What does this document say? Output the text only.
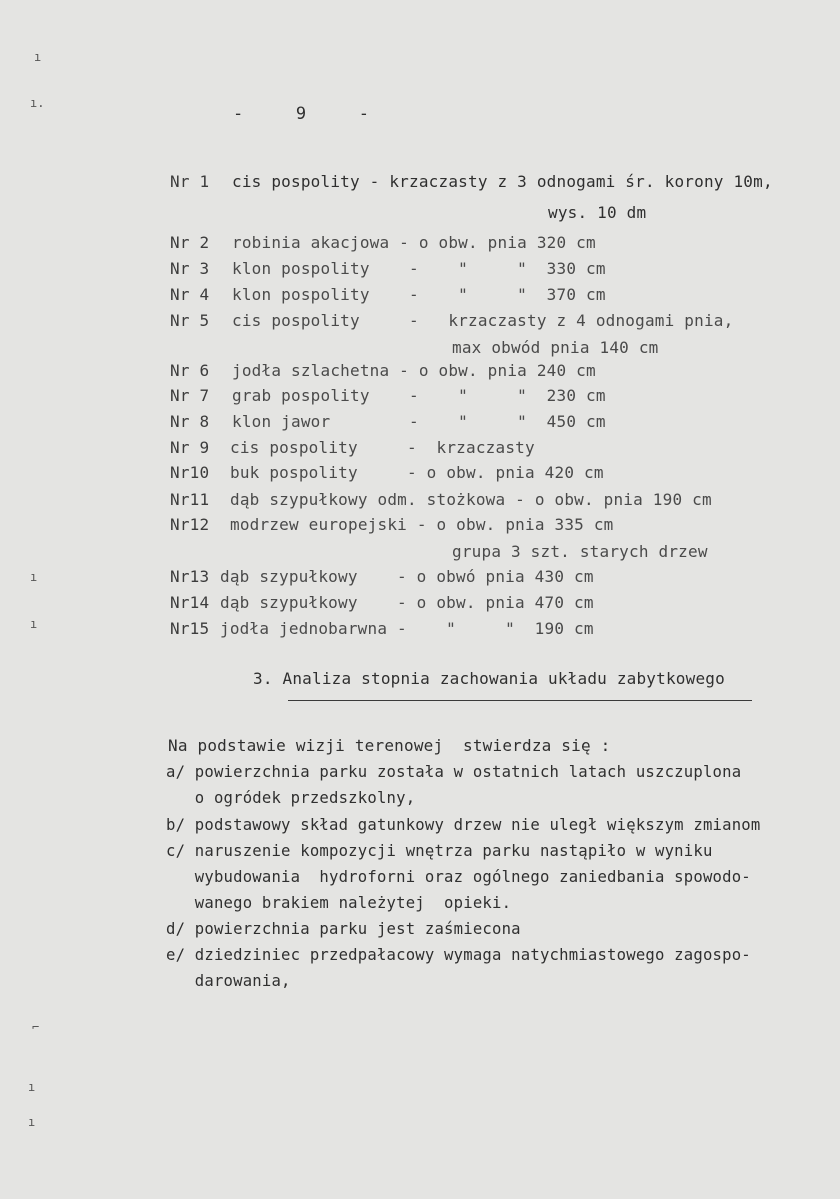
ı
ı.
ı
ı
⌐
ı
ı
- 9 -
Nr 1 cis pospolity - krzaczasty z 3 odnogami śr. korony 10m,
wys. 10 dm
Nr 2 robinia akacjowa - o obw. pnia 320 cm
Nr 3 klon pospolity    -    "     "  330 cm
Nr 4 klon pospolity    -    "     "  370 cm
Nr 5 cis pospolity     -   krzaczasty z 4 odnogami pnia,
max obwód pnia 140 cm
Nr 6 jodła szlachetna - o obw. pnia 240 cm
Nr 7 grab pospolity    -    "     "  230 cm
Nr 8 klon jawor        -    "     "  450 cm
Nr 9 cis pospolity     -  krzaczasty
Nr10 buk pospolity     - o obw. pnia 420 cm
Nr11 dąb szypułkowy odm. stożkowa - o obw. pnia 190 cm
Nr12 modrzew europejski - o obw. pnia 335 cm
grupa 3 szt. starych drzew
Nr13 dąb szypułkowy    - o obwó pnia 430 cm
Nr14 dąb szypułkowy    - o obw. pnia 470 cm
Nr15 jodła jednobarwna -    "     "  190 cm
3. Analiza stopnia zachowania układu zabytkowego
Na podstawie wizji terenowej  stwierdza się :
a/ powierzchnia parku została w ostatnich latach uszczuplona
o ogródek przedszkolny,
b/ podstawowy skład gatunkowy drzew nie uległ większym zmianom
c/ naruszenie kompozycji wnętrza parku nastąpiło w wyniku
wybudowania  hydroforni oraz ogólnego zaniedbania spowodo-
wanego brakiem należytej  opieki.
d/ powierzchnia parku jest zaśmiecona
e/ dziedziniec przedpałacowy wymaga natychmiastowego zagospo-
darowania,
